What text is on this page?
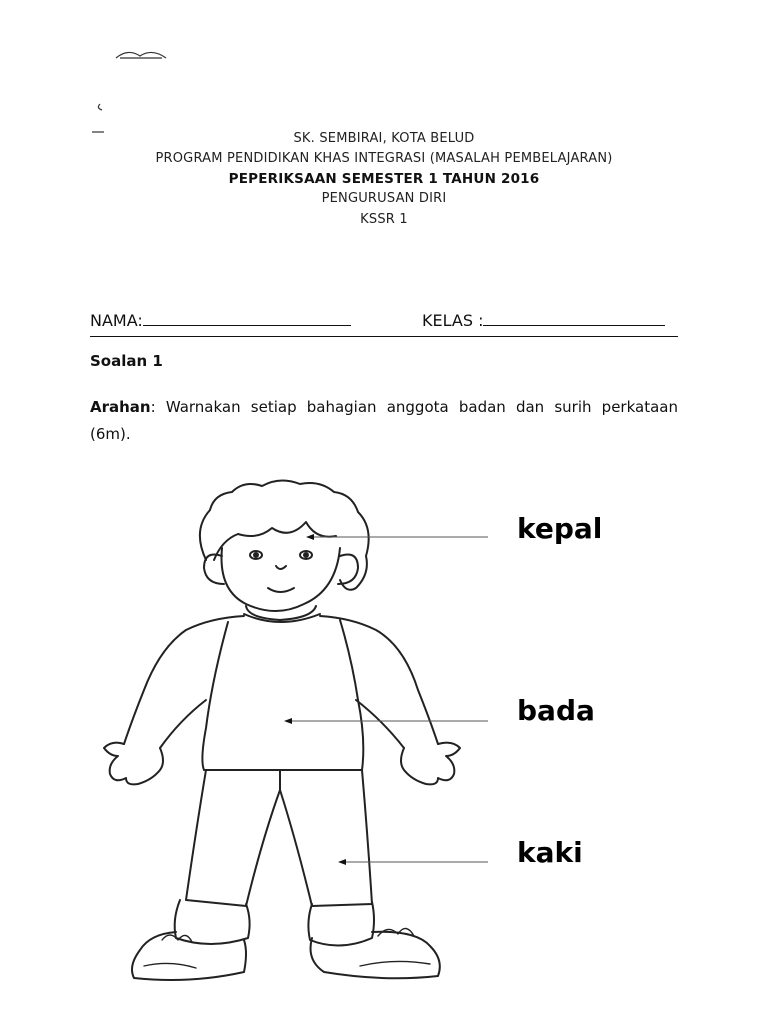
SK. SEMBIRAI, KOTA BELUD
PROGRAM PENDIDIKAN KHAS INTEGRASI (MASALAH PEMBELAJARAN)
PEPERIKSAAN SEMESTER 1 TAHUN 2016
PENGURUSAN DIRI
KSSR 1
NAMA:	KELAS :
Soalan 1
Arahan: Warnakan setiap bahagian anggota badan dan surih perkataan (6m).
kepal
bada
kaki
